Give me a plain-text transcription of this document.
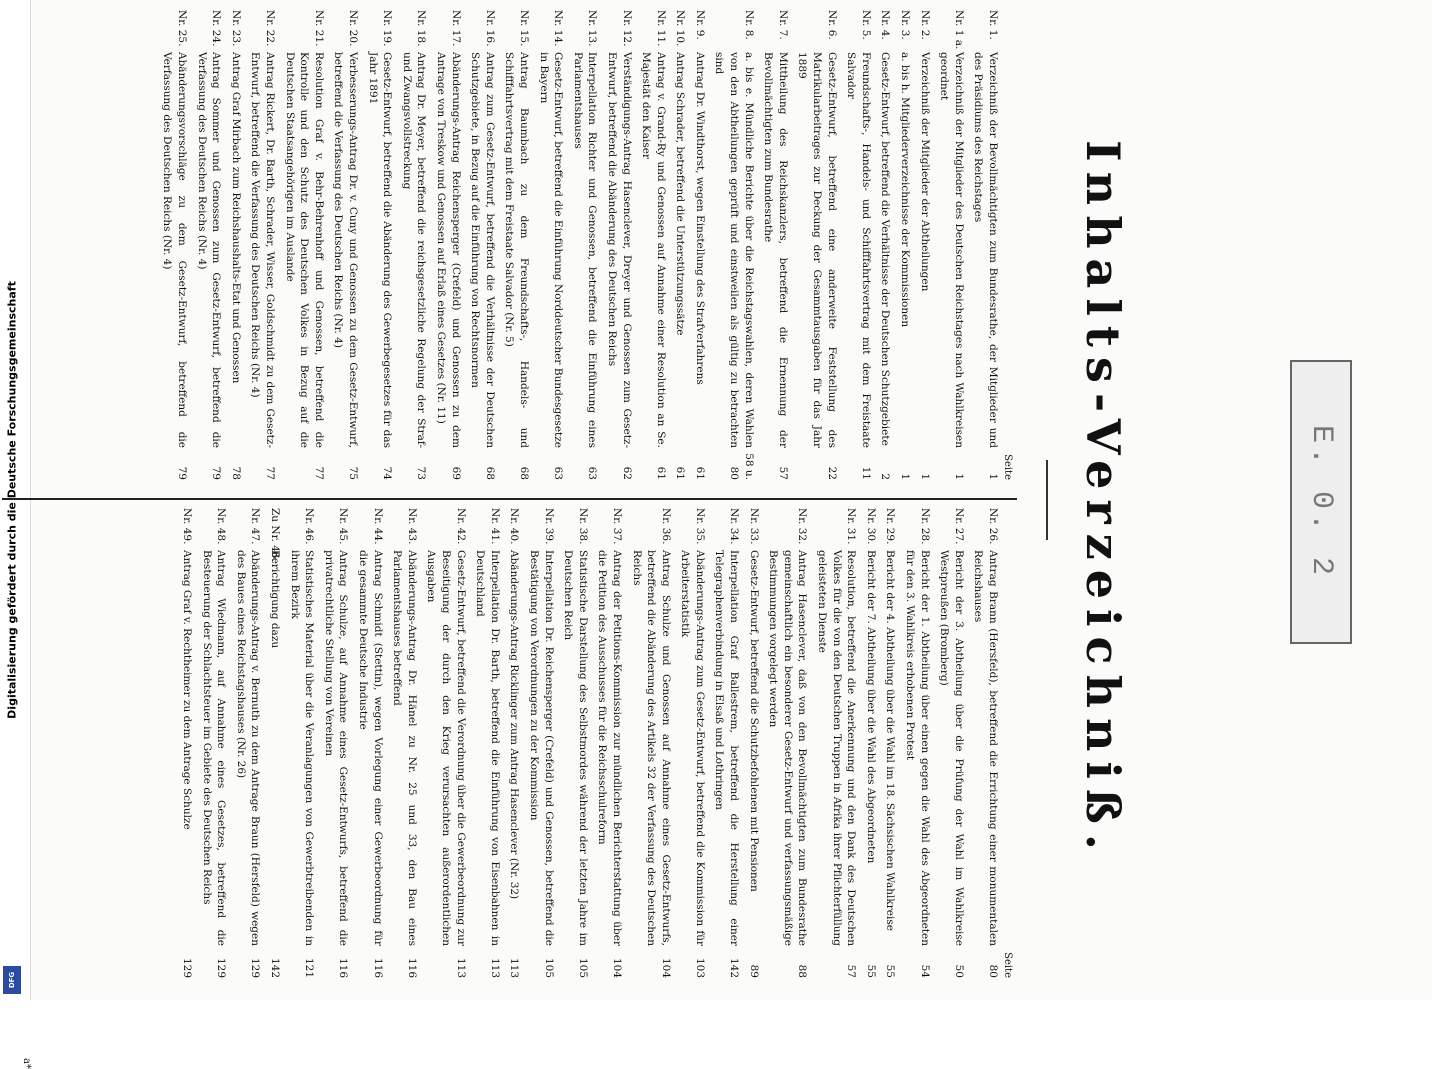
Digitalisierung gefördert durch die Deutsche Forschungsgemeinschaft
DFG
E. 0. 2
Inhalts-Verzeichniß.
Seite
Nr. 1.
Verzeichniß der Bevollmächtigten zum Bundesrathe, der Mitglieder und des Präsidiums des Reichstages
1
Nr. 1 a.
Verzeichniß der Mitglieder des Deutschen Reichstages nach Wahlkreisen geordnet
1
Nr. 2.
Verzeichniß der Mitglieder der Abtheilungen
1
Nr. 3.
a. bis h. Mitgliederverzeichnisse der Kommissionen
1
Nr. 4.
Gesetz-Entwurf, betreffend die Verhältnisse der Deutschen Schutzgebiete
2
Nr. 5.
Freundschafts-, Handels- und Schifffahrtsvertrag mit dem Freistaate Salvador
11
Nr. 6.
Gesetz-Entwurf, betreffend eine anderweite Feststellung des Matrikularbeitrages zur Deckung der Gesammtausgaben für das Jahr 1889
22
Nr. 7.
Mittheilung des Reichskanzlers, betreffend die Ernennung der Bevollmächtigten zum Bundesrathe
57
Nr. 8.
a. bis e. Mündliche Berichte über die Reichstagswahlen, deren Wahlen von den Abtheilungen geprüft und einstweilen als gültig zu betrachten sind
58 u. 80
Nr. 9.
Antrag Dr. Windthorst, wegen Einstellung des Strafverfahrens
61
Nr. 10.
Antrag Schrader, betreffend die Unterstützungssätze
61
Nr. 11.
Antrag v. Grand-Ry und Genossen auf Annahme einer Resolution an Se. Majestät den Kaiser
61
Nr. 12.
Verständigungs-Antrag Hasenclever, Dreyer und Genossen zum Gesetz-Entwurf, betreffend die Abänderung des Deutschen Reichs
62
Nr. 13.
Interpellation Richter und Genossen, betreffend die Einführung eines Parlamentshauses
63
Nr. 14.
Gesetz-Entwurf, betreffend die Einführung Norddeutscher Bundesgesetze in Bayern
63
Nr. 15.
Antrag Baumbach zu dem Freundschafts-, Handels- und Schifffahrtsvertrag mit dem Freistaate Salvador (Nr. 5)
68
Nr. 16.
Antrag zum Gesetz-Entwurf, betreffend die Verhältnisse der Deutschen Schutzgebiete, in Bezug auf die Einführung von Rechtsnormen
68
Nr. 17.
Abänderungs-Antrag Reichensperger (Crefeld) und Genossen zu dem Antrage von Treskow und Genossen auf Erlaß eines Gesetzes (Nr. 11)
69
Nr. 18.
Antrag Dr. Meyer, betreffend die reichsgesetzliche Regelung der Straf- und Zwangsvollstreckung
73
Nr. 19.
Gesetz-Entwurf, betreffend die Abänderung des Gewerbegesetzes für das Jahr 1891
74
Nr. 20.
Verbesserungs-Antrag Dr. v. Cuny und Genossen zu dem Gesetz-Entwurf, betreffend die Verfassung des Deutschen Reichs (Nr. 4)
75
Nr. 21.
Resolution Graf v. Behr-Behrenhoff und Genossen, betreffend die Kontrolle und den Schutz des Deutschen Volkes in Bezug auf die Deutschen Staatsangehörigen im Auslande
77
Nr. 22.
Antrag Rickert, Dr. Barth, Schrader, Wisser, Goldschmidt zu dem Gesetz-Entwurf, betreffend die Verfassung des Deutschen Reichs (Nr. 4)
77
Nr. 23.
Antrag Graf Mirbach zum Reichshaushalts-Etat und Genossen
78
Nr. 24.
Antrag Sommer und Genossen zum Gesetz-Entwurf, betreffend die Verfassung des Deutschen Reichs (Nr. 4)
79
Nr. 25.
Abänderungsvorschläge zu dem Gesetz-Entwurf, betreffend die Verfassung des Deutschen Reichs (Nr. 4)
79
Seite
Nr. 26.
Antrag Brann (Hersfeld), betreffend die Errichtung einer monumentalen Reichshauses
80
Nr. 27.
Bericht der 3. Abtheilung über die Prüfung der Wahl im Wahlkreise Westpreußen (Bromberg)
50
Nr. 28.
Bericht der 1. Abtheilung über einen gegen die Wahl des Abgeordneten für den 3. Wahlkreis erhobenen Protest
54
Nr. 29.
Bericht der 4. Abtheilung über die Wahl im 18. Sächsischen Wahlkreise
55
Nr. 30.
Bericht der 7. Abtheilung über die Wahl des Abgeordneten
55
Nr. 31.
Resolution, betreffend die Anerkennung und den Dank des Deutschen Volkes für die von den Deutschen Truppen in Afrika ihrer Pflichterfüllung geleisteten Dienste
57
Nr. 32.
Antrag Hasenclever, daß von den Bevollmächtigten zum Bundesrathe gemeinschaftlich ein besonderer Gesetz-Entwurf und verfassungsmäßige Bestimmungen vorgelegt werden
88
Nr. 33.
Gesetz-Entwurf, betreffend die Schutzbefohlenen mit Pensionen
89
Nr. 34.
Interpellation Graf Ballestrem, betreffend die Herstellung einer Telegraphenverbindung in Elsaß und Lothringen
142
Nr. 35.
Abänderungs-Antrag zum Gesetz-Entwurf, betreffend die Kommission für Arbeiterstatistik
103
Nr. 36.
Antrag Schulze und Genossen auf Annahme eines Gesetz-Entwurfs, betreffend die Abänderung des Artikels 32 der Verfassung des Deutschen Reichs
104
Nr. 37.
Antrag der Petitions-Kommission zur mündlichen Berichterstattung über die Petition des Ausschusses für die Reichsschulreform
104
Nr. 38.
Statistische Darstellung des Selbstmordes während der letzten Jahre im Deutschen Reich
105
Nr. 39.
Interpellation Dr. Reichensperger (Crefeld) und Genossen, betreffend die Bestätigung von Verordnungen zu der Kommission
105
Nr. 40.
Abänderungs-Antrag Ricklinger zum Antrag Hasenclever (Nr. 32)
113
Nr. 41.
Interpellation Dr. Barth, betreffend die Einführung von Eisenbahnen in Deutschland
113
Nr. 42.
Gesetz-Entwurf, betreffend die Verordnung über die Gewerbeordnung zur Beseitigung der durch den Krieg verursachten außerordentlichen Ausgaben
113
Nr. 43.
Abänderungs-Antrag Dr. Hänel zu Nr. 25 und 33, den Bau eines Parlamentshauses betreffend
116
Nr. 44.
Antrag Schmidt (Stettin), wegen Vorlegung einer Gewerbeordnung für die gesammte Deutsche Industrie
116
Nr. 45.
Antrag Schulze, auf Annahme eines Gesetz-Entwurfs, betreffend die privatrechtliche Stellung von Vereinen
116
Nr. 46.
Statistisches Material über die Veranlagungen von Gewerbtreibenden in ihrem Bezirk
121
Zu Nr. 46.
Berichtigung dazu
142
Nr. 47.
Abänderungs-Antrag v. Bernuth zu dem Antrage Braun (Hersfeld) wegen des Baues eines Reichstagshauses (Nr. 26)
129
Nr. 48.
Antrag Wiedmann, auf Annahme eines Gesetzes, betreffend die Besteuerung der Schlachtsteuer im Gebiete des Deutschen Reichs
129
Nr. 49.
Antrag Graf v. Rechtheimer zu dem Antrage Schulze
129
a*
